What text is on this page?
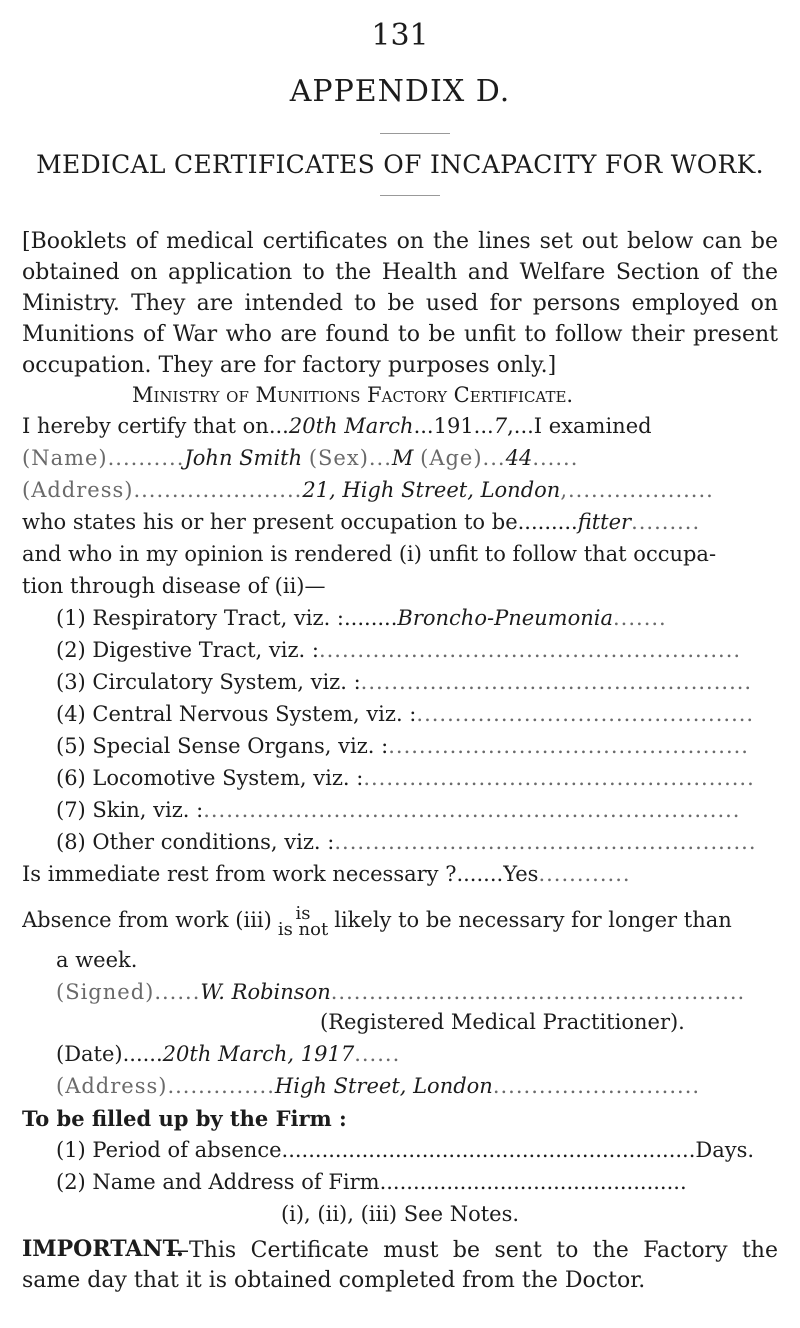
131
APPENDIX D.
MEDICAL CERTIFICATES OF INCAPACITY FOR WORK.
[Booklets of medical certificates on the lines set out below can be obtained on application to the Health and Welfare Section of the Ministry. They are intended to be used for persons employed on Munitions of War who are found to be unfit to follow their present occupation. They are for factory purposes only.]
Ministry of Munitions Factory Certificate.
I hereby certify that on...20th March...191...7,...I examined
(Name)..........John Smith (Sex)...M (Age)...44......
(Address)......................21, High Street, London,...................
who states his or her present occupation to be.........fitter.........
and who in my opinion is rendered (i) unfit to follow that occupa-
tion through disease of (ii)—
(1) Respiratory Tract, viz. :........Broncho-Pneumonia.......
(2) Digestive Tract, viz. :.......................................................
(3) Circulatory System, viz. :...................................................
(4) Central Nervous System, viz. :............................................
(5) Special Sense Organs, viz. :...............................................
(6) Locomotive System, viz. :...................................................
(7) Skin, viz. :......................................................................
(8) Other conditions, viz. :.......................................................
Is immediate rest from work necessary ?.......Yes............
Absence from work (iii)	is
is not likely to be necessary for longer than
a week.
(Signed)......W. Robinson......................................................
(Registered Medical Practitioner).
(Date)......20th March, 1917......
(Address)..............High Street, London...........................
To be filled up by the Firm :
(1) Period of absence..............................................................Days.
(2) Name and Address of Firm..............................................
(i), (ii), (iii) See Notes.
IMPORTANT.
—This Certificate must be sent to the Factory the same day that it is obtained completed from the Doctor.
